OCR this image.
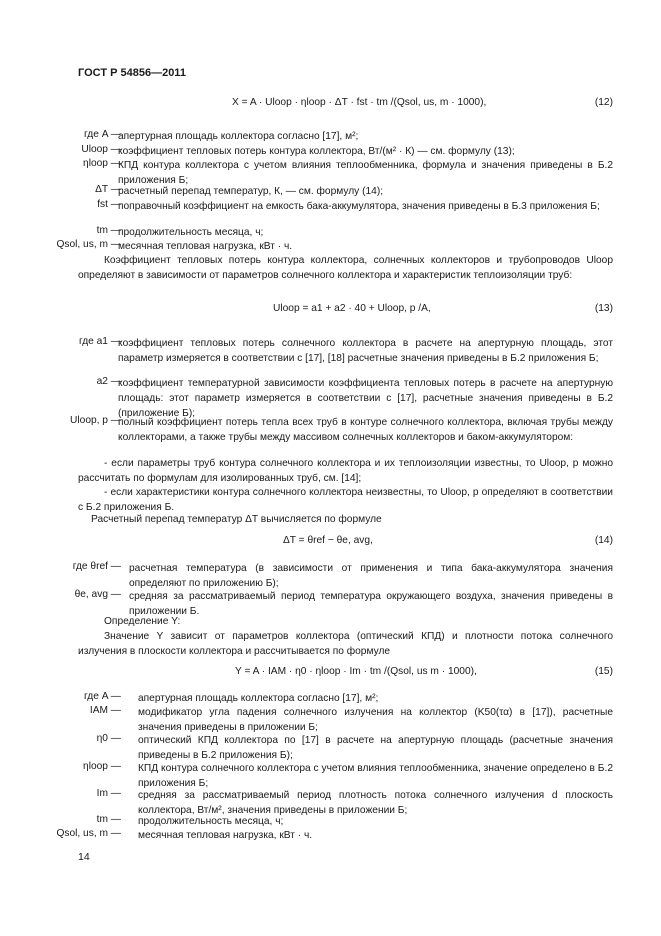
ГОСТ Р 54856—2011
X = A · Uloop · ηloop · ΔT · fst · tm /(Qsol, us, m · 1000),	(12)
где A —
апертурная площадь коллектора согласно [17], м²;
Uloop —
коэффициент тепловых потерь контура коллектора, Вт/(м² · К) — см. формулу (13);
ηloop —
КПД контура коллектора с учетом влияния теплообменника, формула и значения приведены в Б.2 приложения Б;
ΔT —
расчетный перепад температур, К, — см. формулу (14);
fst —
поправочный коэффициент на емкость бака-аккумулятора, значения приведены в Б.3 приложения Б;
tm —
продолжительность месяца, ч;
Qsol, us, m —
месячная тепловая нагрузка, кВт · ч.
Коэффициент тепловых потерь контура коллектора, солнечных коллекторов и трубопроводов Uloop определяют в зависимости от параметров солнечного коллектора и характеристик теплоизоляции труб:
Uloop = a1 + a2 · 40 + Uloop, p /A,	(13)
где a1 —
коэффициент тепловых потерь солнечного коллектора в расчете на апертурную площадь, этот параметр измеряется в соответствии с [17], [18] расчетные значения приведены в Б.2 приложения Б;
a2 —
коэффициент температурной зависимости коэффициента тепловых потерь в расчете на апертурную площадь: этот параметр измеряется в соответствии с [17], расчетные значения приведены в Б.2 (приложение Б);
Uloop, p —
полный коэффициент потерь тепла всех труб в контуре солнечного коллектора, включая трубы между коллекторами, а также трубы между массивом солнечных коллекторов и баком-аккумулятором:
- если параметры труб контура солнечного коллектора и их теплоизоляции известны, то Uloop, p можно рассчитать по формулам для изолированных труб, см. [14];
- если характеристики контура солнечного коллектора неизвестны, то Uloop, p определяют в соответствии с Б.2 приложения Б.
Расчетный перепад температур ΔT вычисляется по формуле
ΔT = θref − θe, avg,	(14)
где θref — расчетная температура (в зависимости от применения и типа бака-аккумулятора значения определяют по приложению Б);
θe, avg — средняя за рассматриваемый период температура окружающего воздуха, значения приведены в приложении Б.
Определение Y:
Значение Y зависит от параметров коллектора (оптический КПД) и плотности потока солнечного излучения в плоскости коллектора и рассчитывается по формуле
Y = A · IAM · η0 · ηloop · Im · tm /(Qsol, us m · 1000),	(15)
где A — апертурная площадь коллектора согласно [17], м²;
IAM — модификатор угла падения солнечного излучения на коллектор (K50(τα) в [17]), расчетные значения приведены в приложении Б;
η0 — оптический КПД коллектора по [17] в расчете на апертурную площадь (расчетные значения приведены в Б.2 приложения Б);
ηloop — КПД контура солнечного коллектора с учетом влияния теплообменника, значение определено в Б.2 приложения Б;
Im — средняя за рассматриваемый период плотность потока солнечного излучения d плоскость коллектора, Вт/м², значения приведены в приложении Б;
tm — продолжительность месяца, ч;
Qsol, us, m — месячная тепловая нагрузка, кВт · ч.
14
